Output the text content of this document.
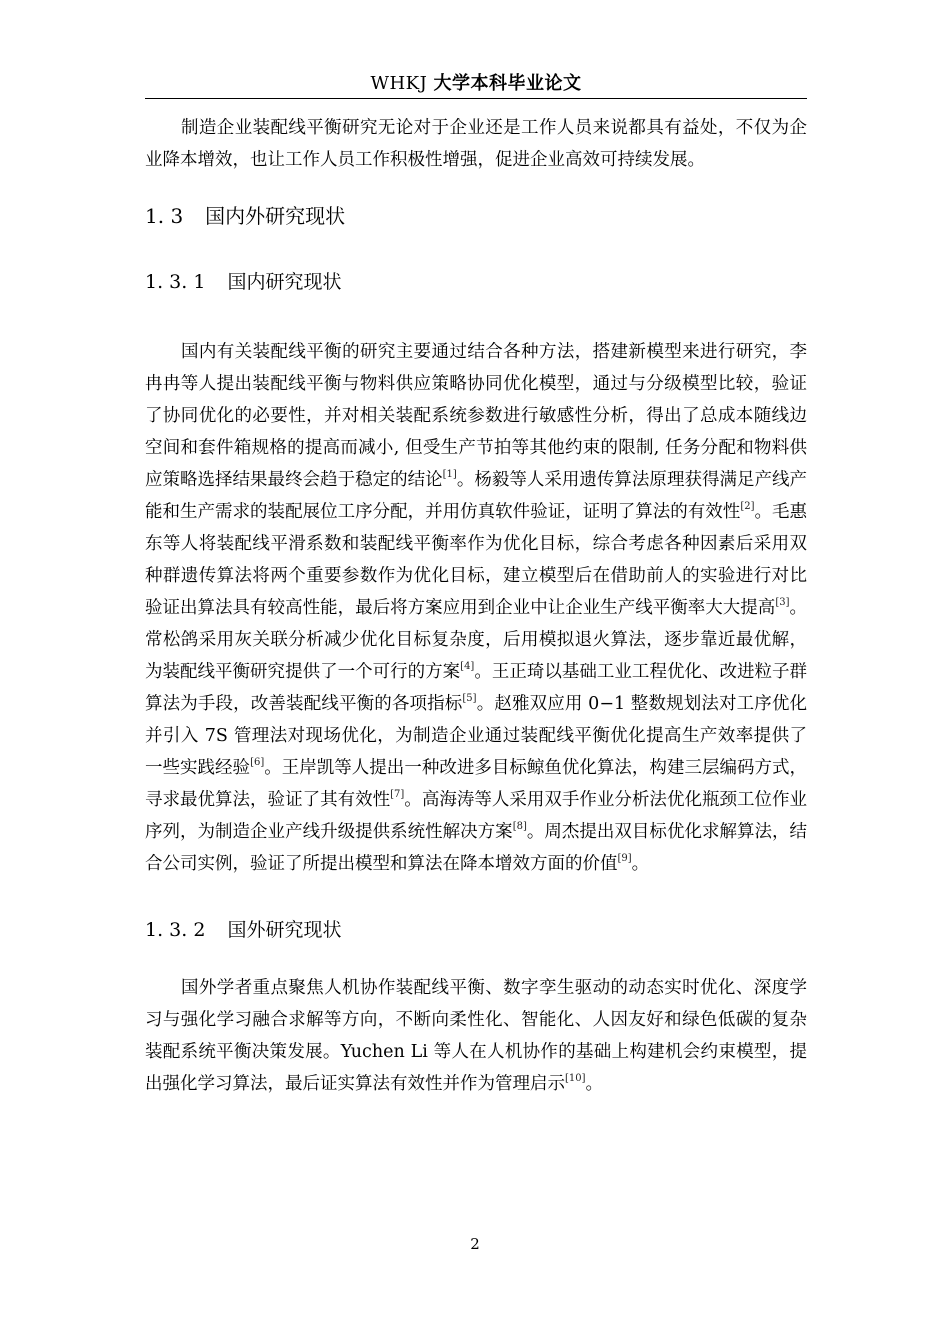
WHKJ 大学本科毕业论文

制造企业装配线平衡研究无论对于企业还是工作人员来说都具有益处，不仅为企业降本增效，也让工作人员工作积极性增强，促进企业高效可持续发展。

1. 3 国内外研究现状
1. 3. 1 国内研究现状

国内有关装配线平衡的研究主要通过结合各种方法，搭建新模型来进行研究，李冉冉等人提出装配线平衡与物料供应策略协同优化模型，通过与分级模型比较，验证了协同优化的必要性，并对相关装配系统参数进行敏感性分析，得出了总成本随线边空间和套件箱规格的提高而减小, 但受生产节拍等其他约束的限制, 任务分配和物料供应策略选择结果最终会趋于稳定的结论[1]。杨毅等人采用遗传算法原理获得满足产线产能和生产需求的装配展位工序分配，并用仿真软件验证，证明了算法的有效性[2]。毛惠东等人将装配线平滑系数和装配线平衡率作为优化目标，综合考虑各种因素后采用双种群遗传算法将两个重要参数作为优化目标，建立模型后在借助前人的实验进行对比验证出算法具有较高性能，最后将方案应用到企业中让企业生产线平衡率大大提高[3]。常松鸽采用灰关联分析减少优化目标复杂度，后用模拟退火算法，逐步靠近最优解，为装配线平衡研究提供了一个可行的方案[4]。王正琦以基础工业工程优化、改进粒子群算法为手段，改善装配线平衡的各项指标[5]。赵雅双应用 0−1 整数规划法对工序优化并引入 7S 管理法对现场优化，为制造企业通过装配线平衡优化提高生产效率提供了一些实践经验[6]。王岸凯等人提出一种改进多目标鲸鱼优化算法，构建三层编码方式，寻求最优算法，验证了其有效性[7]。高海涛等人采用双手作业分析法优化瓶颈工位作业序列，为制造企业产线升级提供系统性解决方案[8]。周杰提出双目标优化求解算法，结合公司实例，验证了所提出模型和算法在降本增效方面的价值[9]。

1. 3. 2 国外研究现状

国外学者重点聚焦人机协作装配线平衡、数字孪生驱动的动态实时优化、深度学习与强化学习融合求解等方向，不断向柔性化、智能化、人因友好和绿色低碳的复杂装配系统平衡决策发展。Yuchen Li 等人在人机协作的基础上构建机会约束模型，提出强化学习算法，最后证实算法有效性并作为管理启示[10]。

2
